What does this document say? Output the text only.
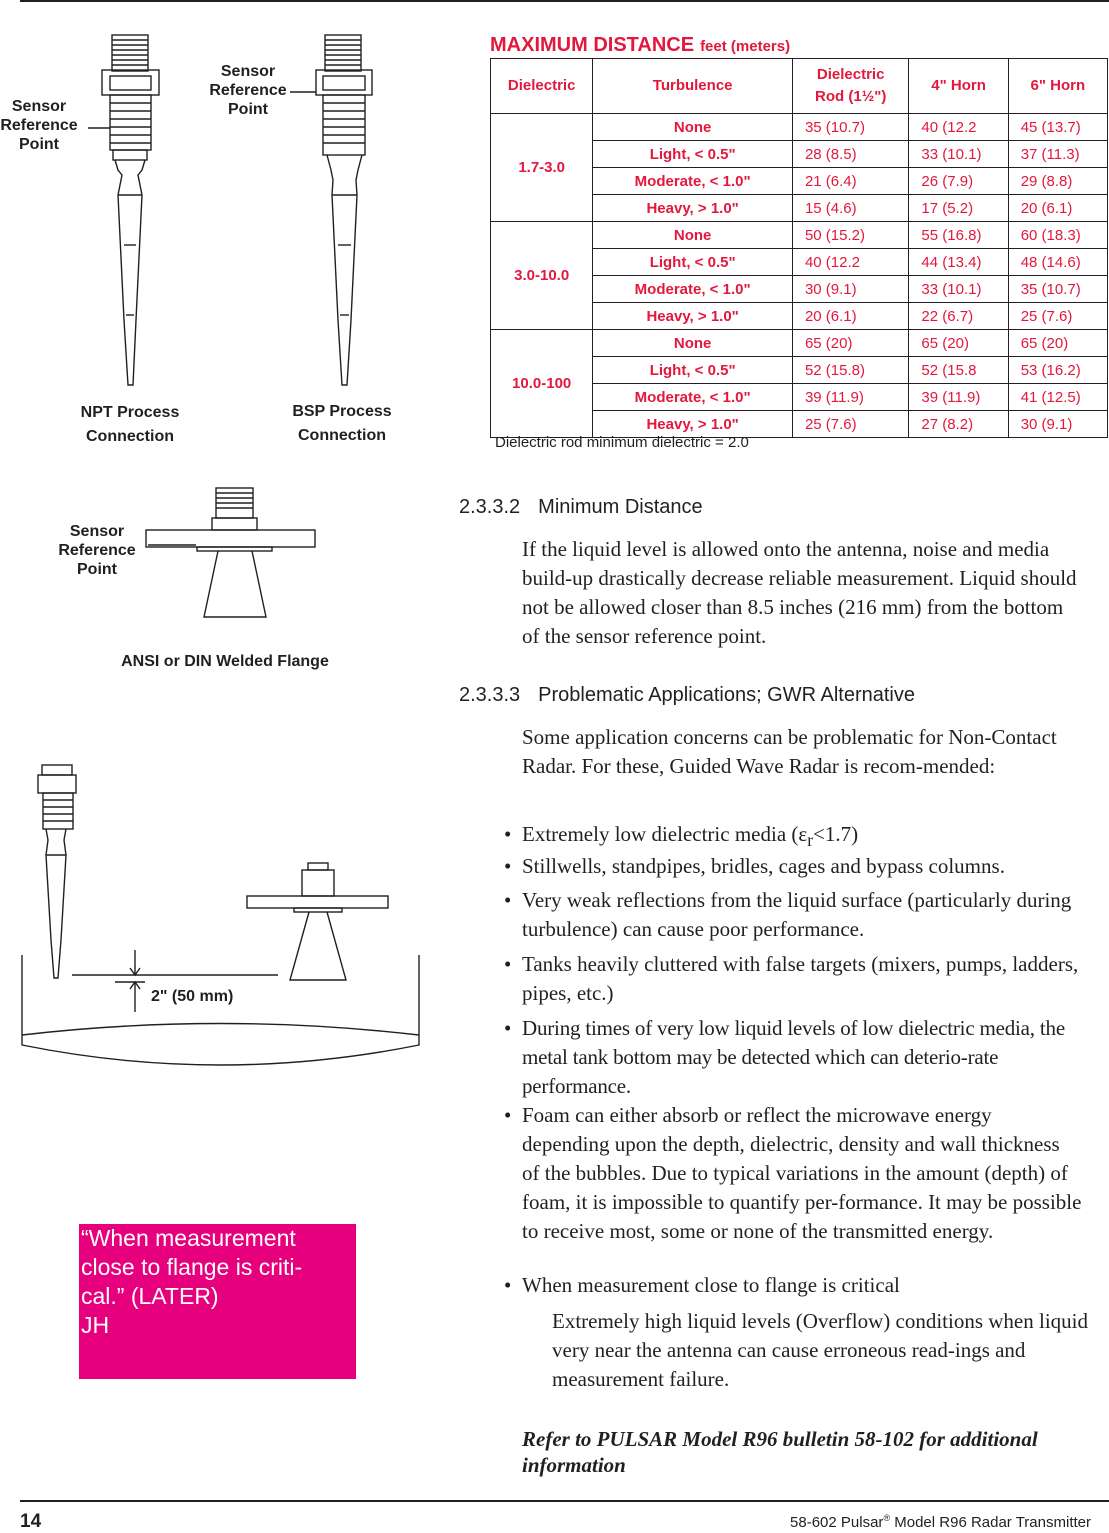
Sensor
Reference
Point
Sensor
Reference
Point
NPT Process
Connection
BSP Process
Connection
Sensor
Reference
Point
ANSI or DIN Welded Flange
2" (50 mm)
“When measurement
close to flange is criti-
cal.” (LATER)
JH
MAXIMUM DISTANCE feet (meters)
Dielectric	Turbulence	Dielectric Rod (1½")	4" Horn	6" Horn
1.7-3.0	None	35 (10.7)	40 (12.2	45 (13.7)
	Light, < 0.5"	28 (8.5)	33 (10.1)	37 (11.3)
	Moderate, < 1.0"	21 (6.4)	26 (7.9)	29 (8.8)
	Heavy, > 1.0"	15 (4.6)	17 (5.2)	20 (6.1)
3.0-10.0	None	50 (15.2)	55 (16.8)	60 (18.3)
	Light, < 0.5"	40 (12.2	44 (13.4)	48 (14.6)
	Moderate, < 1.0"	30 (9.1)	33 (10.1)	35 (10.7)
	Heavy, > 1.0"	20 (6.1)	22 (6.7)	25 (7.6)
10.0-100	None	65 (20)	65 (20)	65 (20)
	Light, < 0.5"	52 (15.8)	52 (15.8	53 (16.2)
	Moderate, < 1.0"	39 (11.9)	39 (11.9)	41 (12.5)
	Heavy, > 1.0"	25 (7.6)	27 (8.2)	30 (9.1)
Dielectric rod minimum dielectric = 2.0
2.3.3.2 Minimum Distance
If the liquid level is allowed onto the antenna, noise and media build-up drastically decrease reliable measurement. Liquid should not be allowed closer than 8.5 inches (216 mm) from the bottom of the sensor reference point.
2.3.3.3 Problematic Applications; GWR Alternative
Some application concerns can be problematic for Non-Contact Radar. For these, Guided Wave Radar is recom-mended:
• Extremely low dielectric media $(\varepsilon_r<1.7)$
• Stillwells, standpipes, bridles, cages and bypass columns.
• Very weak reflections from the liquid surface (particularly during turbulence) can cause poor performance.
• Tanks heavily cluttered with false targets (mixers, pumps, ladders, pipes, etc.)
• During times of very low liquid levels of low dielectric media, the metal tank bottom may be detected which can deterio-rate performance.
• Foam can either absorb or reflect the microwave energy depending upon the depth, dielectric, density and wall thickness of the bubbles. Due to typical variations in the amount (depth) of foam, it is impossible to quantify per-formance. It may be possible to receive most, some or none of the transmitted energy.
• When measurement close to flange is critical
Extremely high liquid levels (Overflow) conditions when liquid very near the antenna can cause erroneous read-ings and measurement failure.
Refer to PULSAR Model R96 bulletin 58-102 for additional information
14	58-602 Pulsar® Model R96 Radar Transmitter
